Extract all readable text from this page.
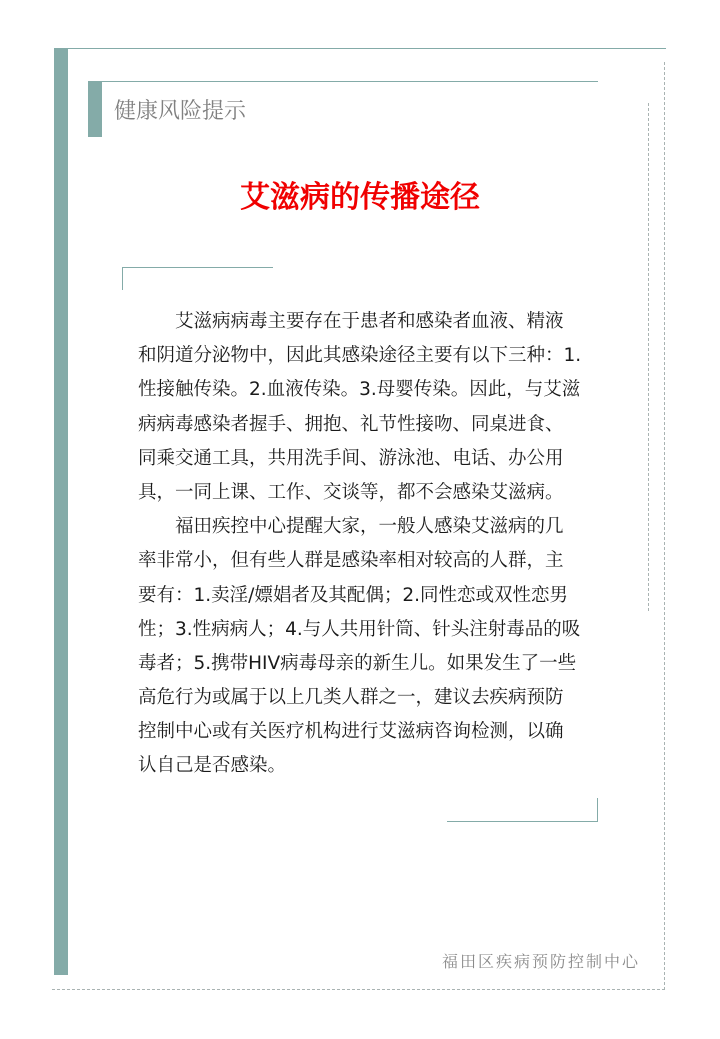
健康风险提示
艾滋病的传播途径
　　艾滋病病毒主要存在于患者和感染者血液、精液
和阴道分泌物中，因此其感染途径主要有以下三种：1.
性接触传染。2.血液传染。3.母婴传染。因此，与艾滋
病病毒感染者握手、拥抱、礼节性接吻、同桌进食、
同乘交通工具，共用洗手间、游泳池、电话、办公用
具，一同上课、工作、交谈等，都不会感染艾滋病。
　　福田疾控中心提醒大家，一般人感染艾滋病的几
率非常小，但有些人群是感染率相对较高的人群，主
要有：1.卖淫/嫖娼者及其配偶；2.同性恋或双性恋男
性；3.性病病人；4.与人共用针筒、针头注射毒品的吸
毒者；5.携带HIV病毒母亲的新生儿。如果发生了一些
高危行为或属于以上几类人群之一，建议去疾病预防
控制中心或有关医疗机构进行艾滋病咨询检测，以确
认自己是否感染。
福田区疾病预防控制中心
